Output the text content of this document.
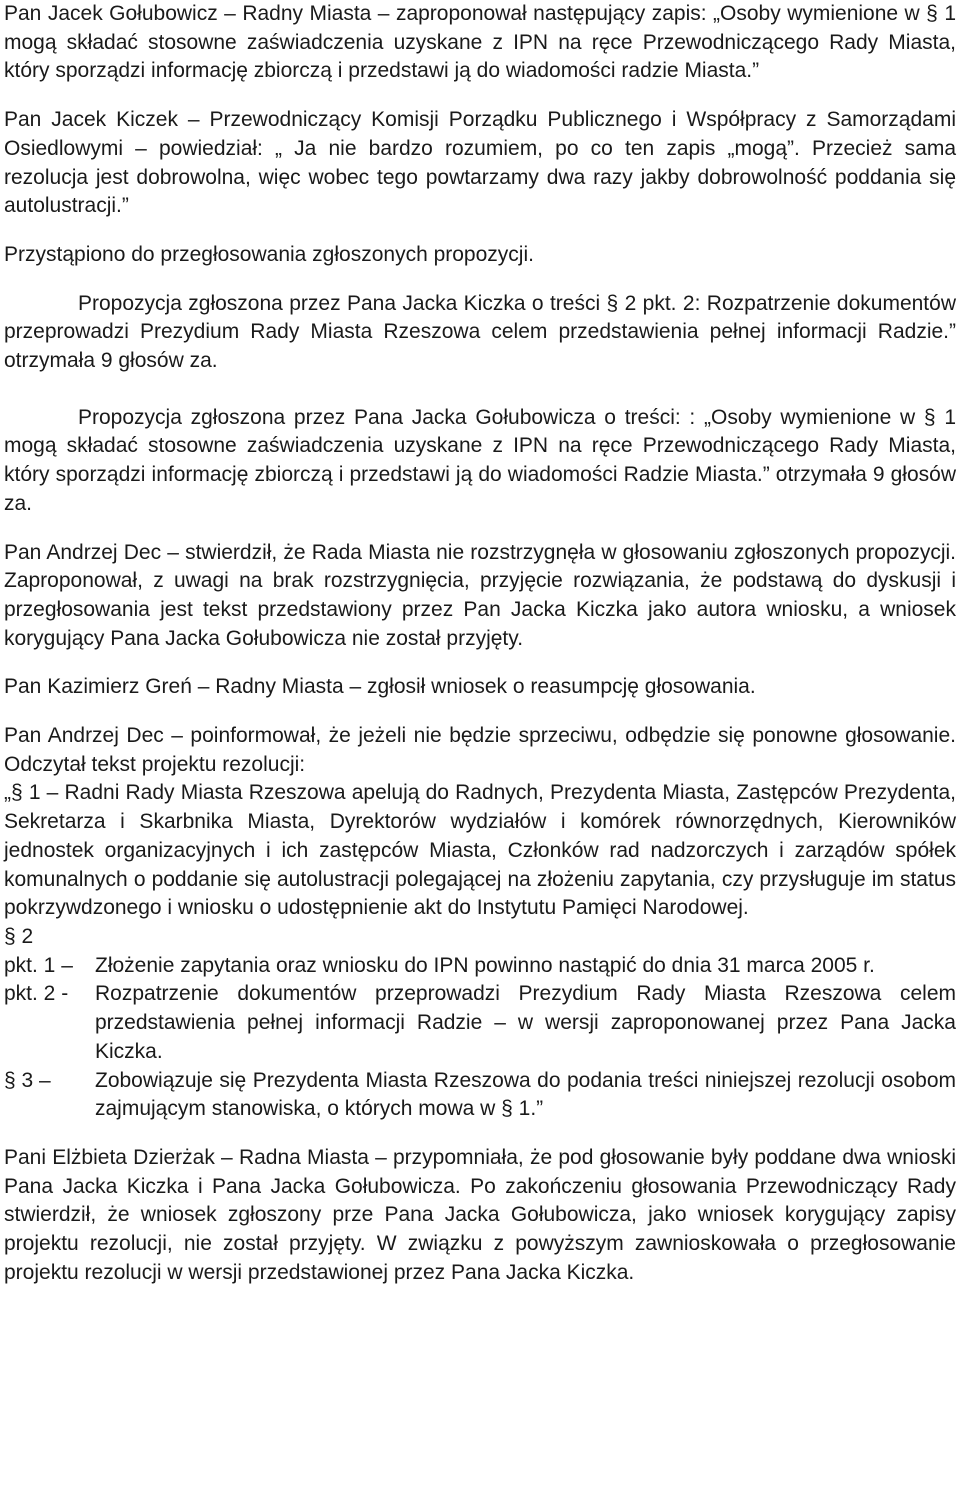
Pan Jacek Gołubowicz – Radny Miasta – zaproponował następujący zapis: „Osoby wymienione w § 1 mogą składać stosowne zaświadczenia uzyskane z IPN na ręce Przewodniczącego Rady Miasta, który sporządzi informację zbiorczą i przedstawi ją do wiadomości radzie Miasta.”

Pan Jacek Kiczek – Przewodniczący Komisji Porządku Publicznego i Współpracy z Samorządami Osiedlowymi – powiedział: „ Ja nie bardzo rozumiem, po co ten zapis „mogą”. Przecież sama rezolucja jest dobrowolna, więc wobec tego powtarzamy dwa razy jakby dobrowolność poddania się autolustracji.”

Przystąpiono do przegłosowania zgłoszonych propozycji.

Propozycja zgłoszona przez Pana Jacka Kiczka o treści § 2 pkt. 2: Rozpatrzenie dokumentów przeprowadzi Prezydium Rady Miasta Rzeszowa celem przedstawienia pełnej informacji Radzie.” otrzymała 9 głosów za.

Propozycja zgłoszona przez Pana Jacka Gołubowicza o treści: : „Osoby wymienione w § 1 mogą składać stosowne zaświadczenia uzyskane z IPN na ręce Przewodniczącego Rady Miasta, który sporządzi informację zbiorczą i przedstawi ją do wiadomości Radzie Miasta.” otrzymała 9 głosów za.

Pan Andrzej Dec – stwierdził, że Rada Miasta nie rozstrzygnęła w głosowaniu zgłoszonych propozycji. Zaproponował, z uwagi na brak rozstrzygnięcia, przyjęcie rozwiązania, że podstawą do dyskusji i przegłosowania jest tekst przedstawiony przez Pan Jacka Kiczka jako autora wniosku, a wniosek korygujący Pana Jacka Gołubowicza nie został przyjęty.

Pan Kazimierz Greń – Radny Miasta – zgłosił wniosek o reasumpcję głosowania.

Pan Andrzej Dec – poinformował, że jeżeli nie będzie sprzeciwu, odbędzie się ponowne głosowanie. Odczytał tekst projektu rezolucji:

„§ 1 – Radni Rady Miasta Rzeszowa apelują do Radnych, Prezydenta Miasta, Zastępców Prezydenta, Sekretarza i Skarbnika Miasta, Dyrektorów wydziałów i komórek równorzędnych, Kierowników jednostek organizacyjnych i ich zastępców Miasta, Członków rad nadzorczych i zarządów spółek komunalnych o poddanie się autolustracji polegającej na złożeniu zapytania, czy przysługuje im status pokrzywdzonego i wniosku o udostępnienie akt do Instytutu Pamięci Narodowej.

§ 2

pkt. 1 –	Złożenie zapytania oraz wniosku do IPN powinno nastąpić do dnia 31 marca 2005 r.
pkt. 2 -	Rozpatrzenie dokumentów przeprowadzi Prezydium Rady Miasta Rzeszowa celem przedstawienia pełnej informacji Radzie – w wersji zaproponowanej przez Pana Jacka Kiczka.
§ 3 –	Zobowiązuje się Prezydenta Miasta Rzeszowa do podania treści niniejszej rezolucji osobom zajmującym stanowiska, o których mowa w § 1.”

Pani Elżbieta Dzierżak – Radna Miasta – przypomniała, że pod głosowanie były poddane dwa wnioski Pana Jacka Kiczka i Pana Jacka Gołubowicza. Po zakończeniu głosowania Przewodniczący Rady stwierdził, że wniosek zgłoszony prze Pana Jacka Gołubowicza, jako wniosek korygujący zapisy projektu rezolucji, nie został przyjęty. W związku z powyższym zawnioskowała o przegłosowanie projektu rezolucji w wersji przedstawionej przez Pana Jacka Kiczka.
